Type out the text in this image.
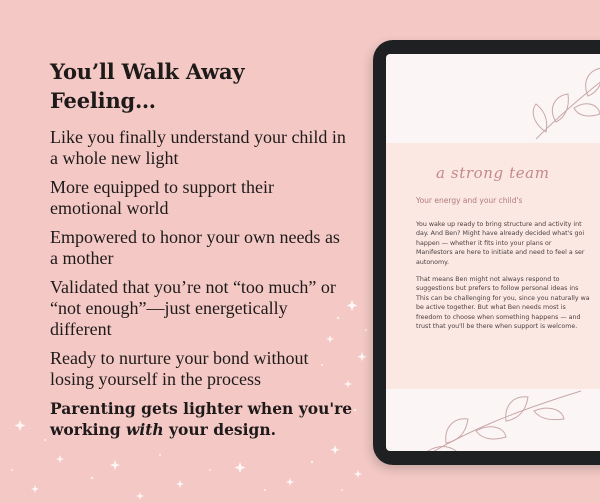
You’ll Walk Away
Feeling…
Like you finally understand your child in
a whole new light
More equipped to support their
emotional world
Empowered to honor your own needs as
a mother
Validated that you’re not “too much” or
“not enough”—just energetically
different
Ready to nurture your bond without
losing yourself in the process
Parenting gets lighter when you're
working with your design.
a strong team
Your energy and your child's
You wake up ready to bring structure and activity int
day. And Ben? Might have already decided what's goi
happen — whether it fits into your plans or
Manifestors are here to initiate and need to feel a ser
autonomy.
That means Ben might not always respond to
suggestions but prefers to follow personal ideas ins
This can be challenging for you, since you naturally wa
be active together. But what Ben needs most is
freedom to choose when something happens — and
trust that you'll be there when support is welcome.
